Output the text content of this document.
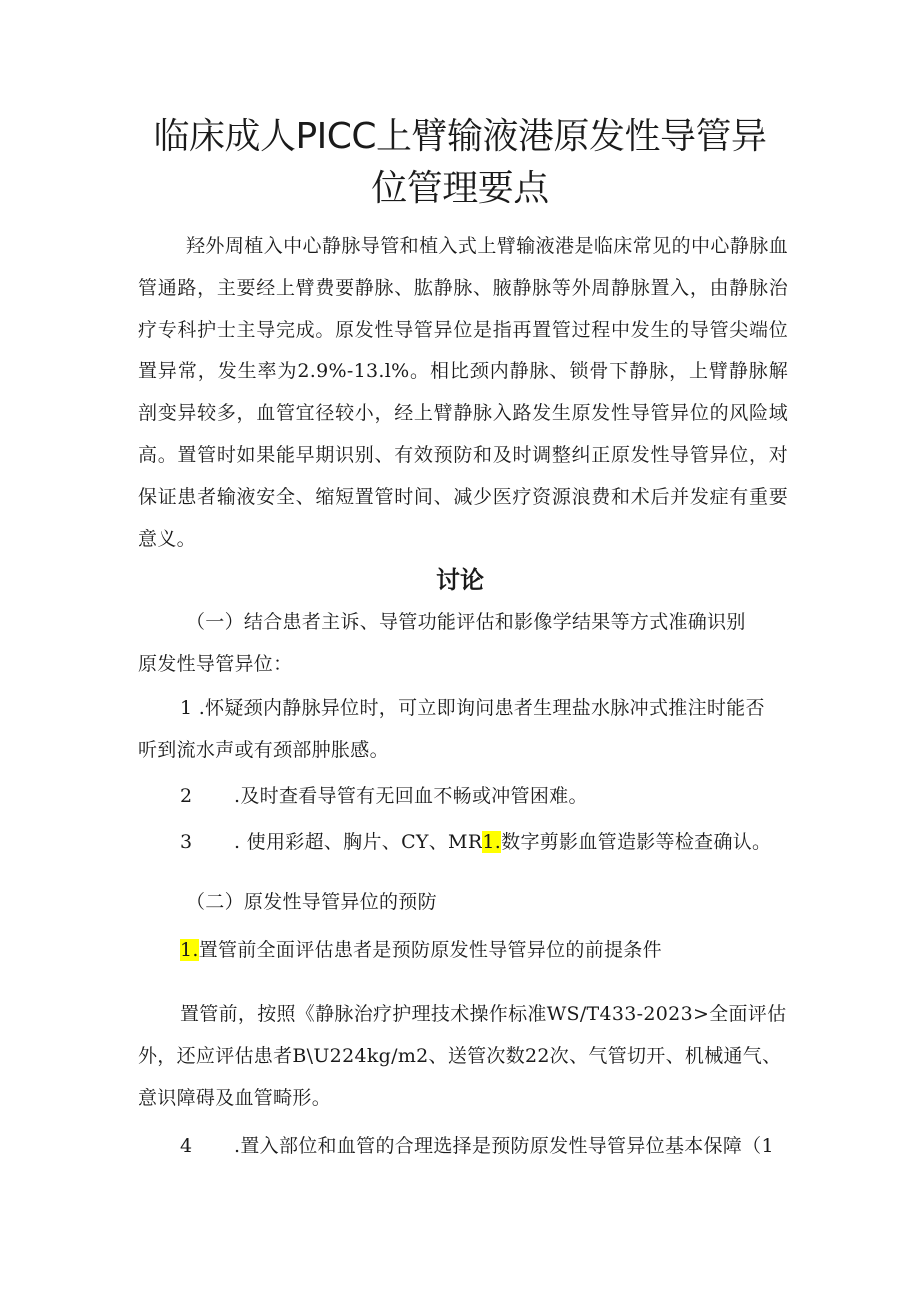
临床成人PICC上臂输液港原发性导管异
位管理要点

羟外周植入中心静脉导管和植入式上臂输液港是临床常见的中心静脉血管通路，主要经上臂费要静脉、肱静脉、腋静脉等外周静脉置入，由静脉治疗专科护士主导完成。原发性导管异位是指再置管过程中发生的导管尖端位置异常，发生率为2.9%-13.l%。相比颈内静脉、锁骨下静脉，上臂静脉解剖变异较多，血管宜径较小，经上臂静脉入路发生原发性导管异位的风险域高。置管时如果能早期识别、有效预防和及时调整纠正原发性导管异位，对保证患者输液安全、缩短置管时间、减少医疗资源浪费和术后并发症有重要意义。

讨论

（一）结合患者主诉、导管功能评估和影像学结果等方式准确识别

原发性导管异位：

1 .怀疑颈内静脉异位时，可立即询问患者生理盐水脉冲式推注时能否

听到流水声或有颈部肿胀感。

2 .及时查看导管有无回血不畅或冲管困难。

3 . 使用彩超、胸片、CY、MR1.数字剪影血管造影等检查确认。

（二）原发性导管异位的预防

1.置管前全面评估患者是预防原发性导管异位的前提条件

置管前，按照《静脉治疗护理技术操作标准WS/T433-2023>全面评估

外，还应评估患者B\U224kg/m2、送管次数22次、气管切开、机械通气、

意识障碍及血管畸形。

4 .置入部位和血管的合理选择是预防原发性导管异位基本保障（1
